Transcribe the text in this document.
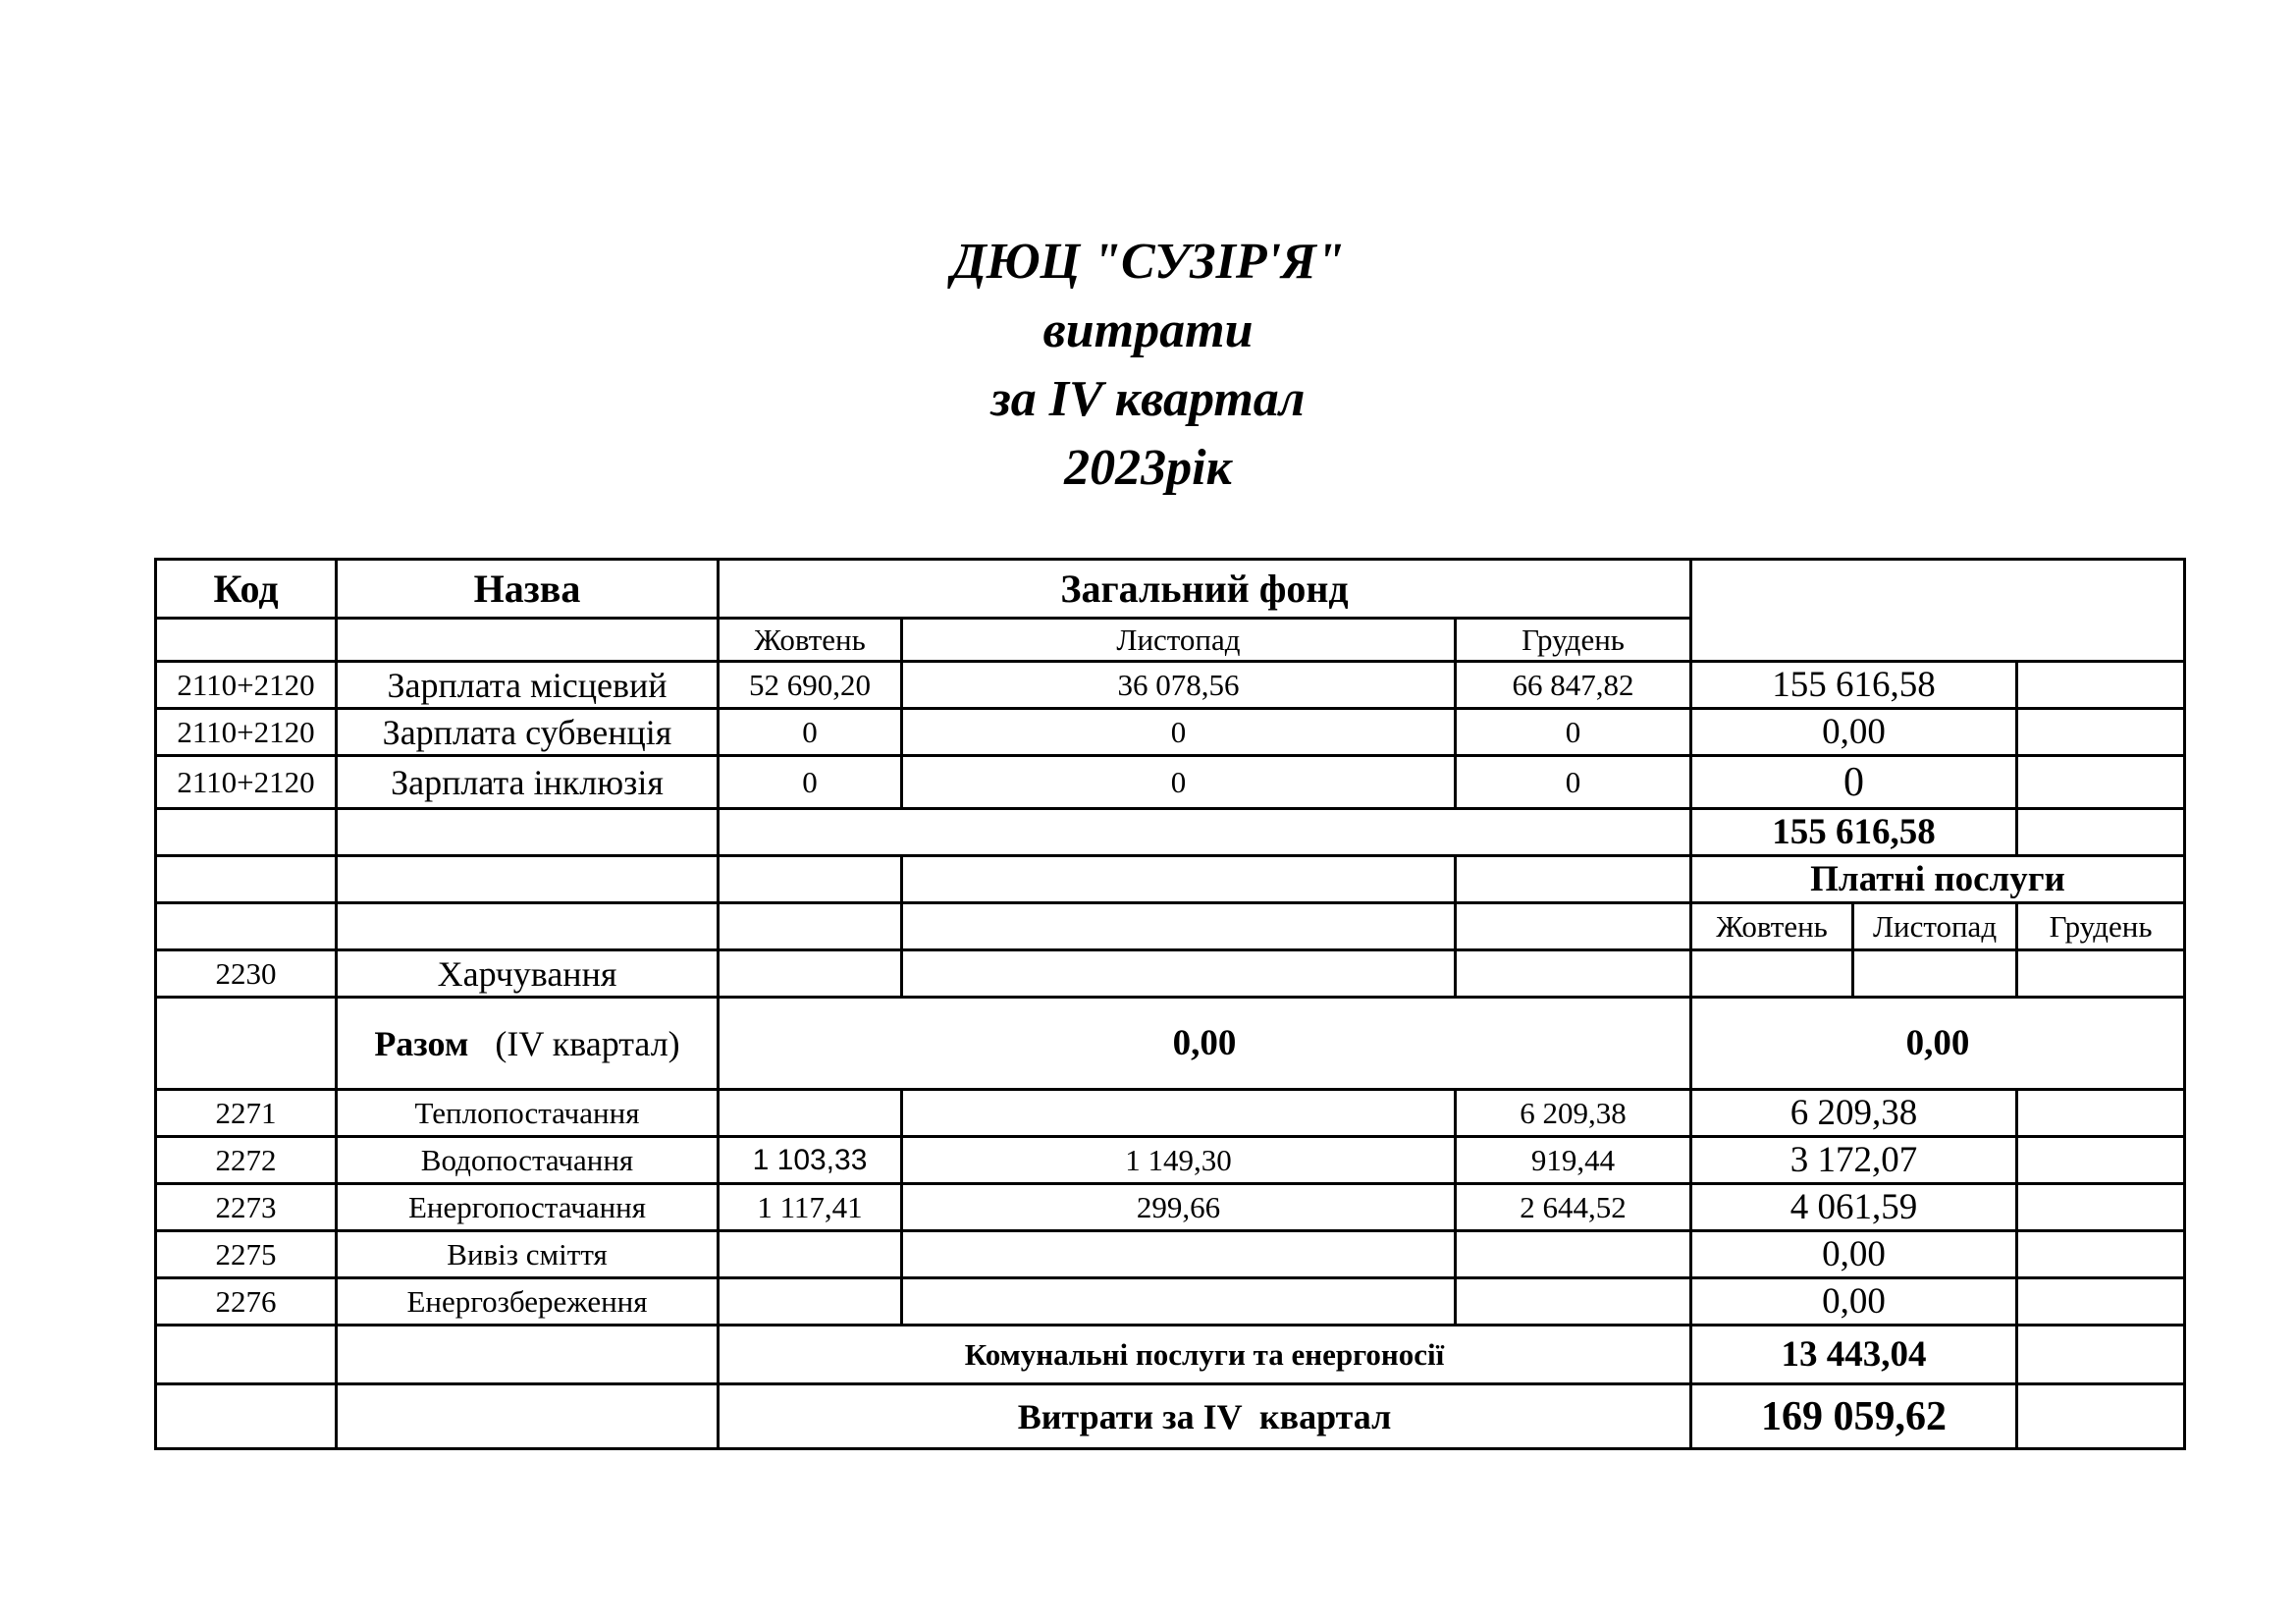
ДЮЦ "СУЗІР'Я"
витрати
за IV квартал
2023рік
Код	Назва	Загальний фонд					
		Жовтень	Листопад	Грудень			
2110+2120	Зарплата місцевий	52 690,20	36 078,56	66 847,82	155 616,58		
2110+2120	Зарплата субвенція	0	0	0	0,00		
2110+2120	Зарплата інклюзія	0	0	0	0		
					155 616,58		
					Платні послуги		
					Жовтень	Листопад	Грудень
2230	Харчування						
	Разом (IV квартал)	0,00			0,00		
2271	Теплопостачання			6 209,38	6 209,38		
2272	Водопостачання	1 103,33	1 149,30	919,44	3 172,07		
2273	Енергопостачання	1 117,41	299,66	2 644,52	4 061,59		
2275	Вивіз сміття				0,00		
2276	Енергозбереження				0,00		
		Комунальні послуги та енергоносії			13 443,04		
		Витрати за IV  квартал			169 059,62		
